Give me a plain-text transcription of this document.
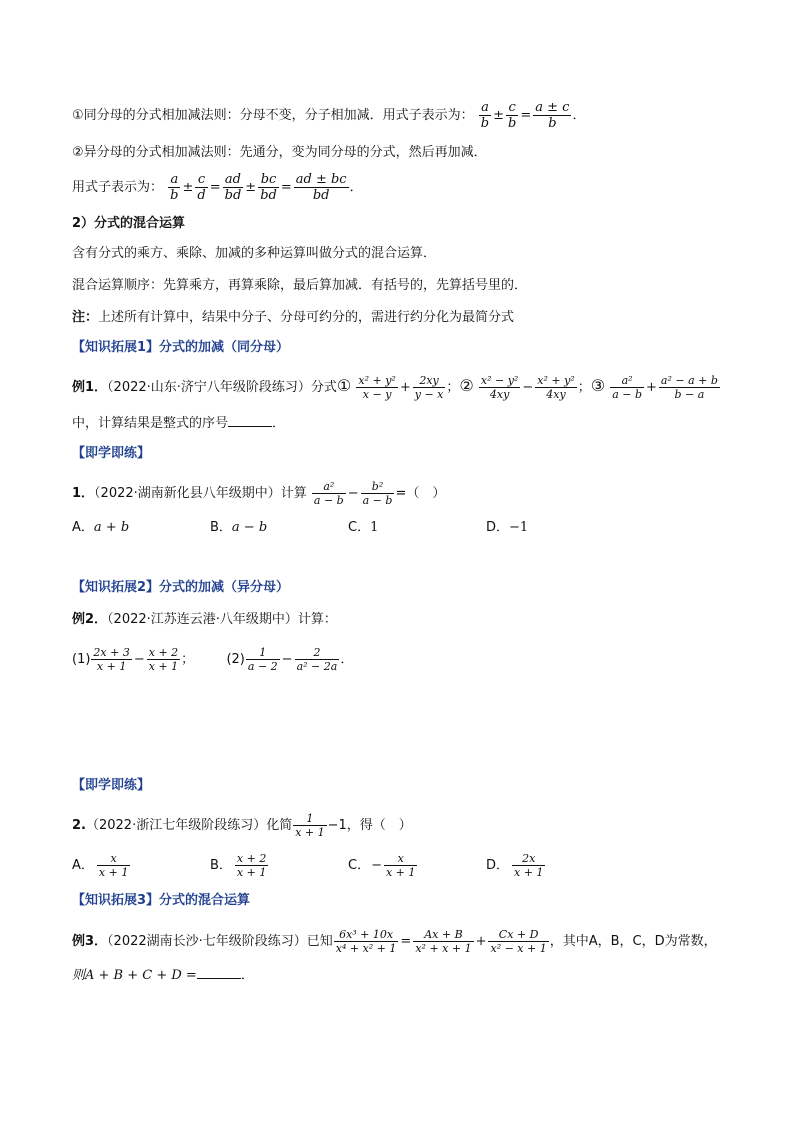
①同分母的分式相加减法则：分母不变，分子相加减．用式子表示为： $\frac{a}{b} \pm \frac{c}{b} = \frac{a \pm c}{b}$ ．
②异分母的分式相加减法则：先通分，变为同分母的分式，然后再加减．
用式子表示为： $\frac{a}{b} \pm \frac{c}{d} = \frac{ad}{bd} \pm \frac{bc}{bd} = \frac{ad \pm bc}{bd}$ ．
2）分式的混合运算
含有分式的乘方、乘除、加减的多种运算叫做分式的混合运算．
混合运算顺序：先算乘方，再算乘除，最后算加减．有括号的，先算括号里的．
注：上述所有计算中，结果中分子、分母可约分的，需进行约分化为最简分式
【知识拓展1】分式的加减（同分母）
例1．（2022·山东·济宁八年级阶段练习）分式① $\frac{\text{x² + y²}}{x - y} + \frac{2xy}{y - x}$ ；② $\frac{\text{x² − y²}}{4xy} - \frac{\text{x² + y²}}{4xy}$ ；③ $\frac{\text{a²}}{a - b} + \frac{\text{a² − a + b}}{b - a}$
中，计算结果是整式的序号	．
【即学即练】
1．（2022·湖南新化县八年级期中）计算 $\frac{\text{a²}}{a - b} - \frac{\text{b²}}{a - b}$ =（　）
A．a + b	B．a − b	C．1	D．−1
【知识拓展2】分式的加减（异分母）
例2．（2022·江苏连云港·八年级期中）计算：
$(1) \frac{2x + 3}{x + 1} - \frac{x + 2}{x + 1}$ ； $(2) \frac{1}{a - 2} - \frac{2}{\text{a² − 2a}}$ ．
【即学即练】
2.（2022·浙江七年级阶段练习）化简 $\frac{1}{x + 1} -1$，得（　）
A． $\frac{x}{x + 1}$	B． $\frac{x + 2}{x + 1}$	C．− $\frac{x}{x + 1}$	D． $\frac{2x}{x + 1}$
【知识拓展3】分式的混合运算
例3．（2022湖南长沙·七年级阶段练习）已知 $\frac{\text{6x³ + 10x}}{\text{x⁴ + x² + 1}} = \frac{Ax + B}{\text{x² + x + 1}} + \frac{Cx + D}{\text{x² − x + 1}}$ ，其中A，B，C，D为常数，
则A + B + C + D =	．
